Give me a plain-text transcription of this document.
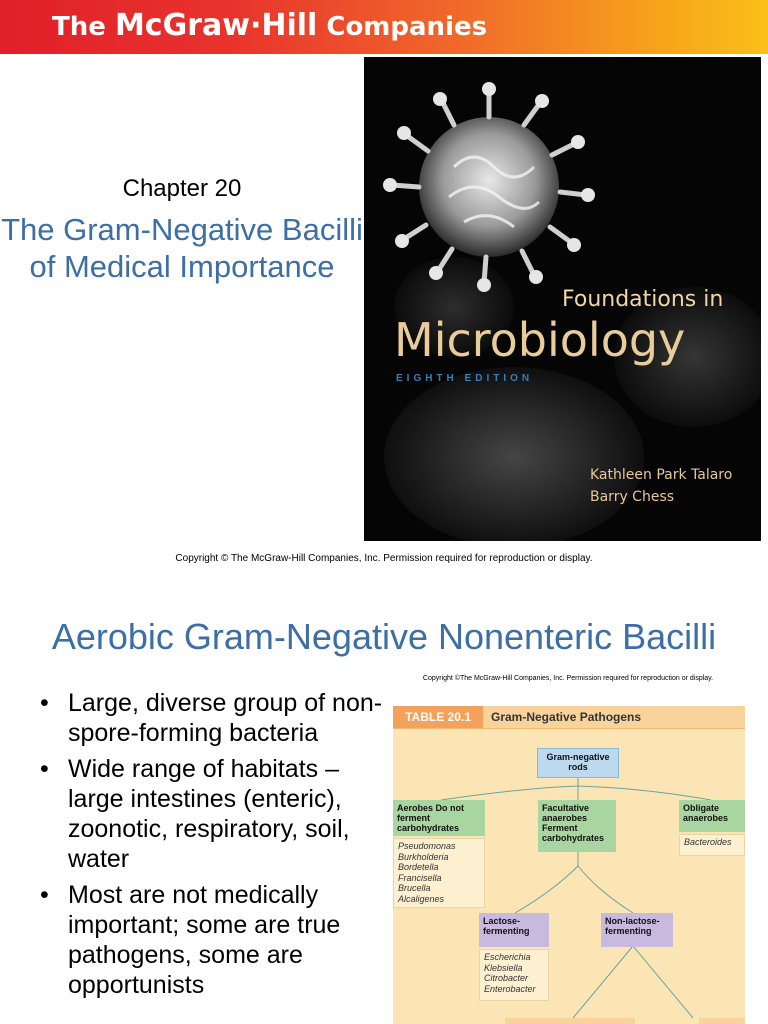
The McGraw·Hill Companies
Chapter 20
The Gram-Negative Bacilli of Medical Importance
Foundations in
Microbiology
EIGHTH EDITION
Kathleen Park Talaro
Barry Chess
Copyright © The McGraw-Hill Companies, Inc. Permission required for reproduction or display.
Aerobic Gram-Negative Nonenteric Bacilli
• Large, diverse group of non-spore-forming bacteria
• Wide range of habitats – large intestines (enteric), zoonotic, respiratory, soil, water
• Most are not medically important; some are true pathogens, some are opportunists
Copyright ©The McGraw-Hill Companies, Inc. Permission required for reproduction or display.
TABLE 20.1	Gram-Negative Pathogens
Gram-negative rods
Aerobes Do not ferment carbohydrates
Pseudomonas
Burkholderia
Bordetella
Francisella
Brucella
Alcaligenes
Facultative anaerobes Ferment carbohydrates
Obligate anaerobes
Bacteroides
Lactose-fermenting
Escherichia
Klebsiella
Citrobacter
Enterobacter
Non-lactose-fermenting
